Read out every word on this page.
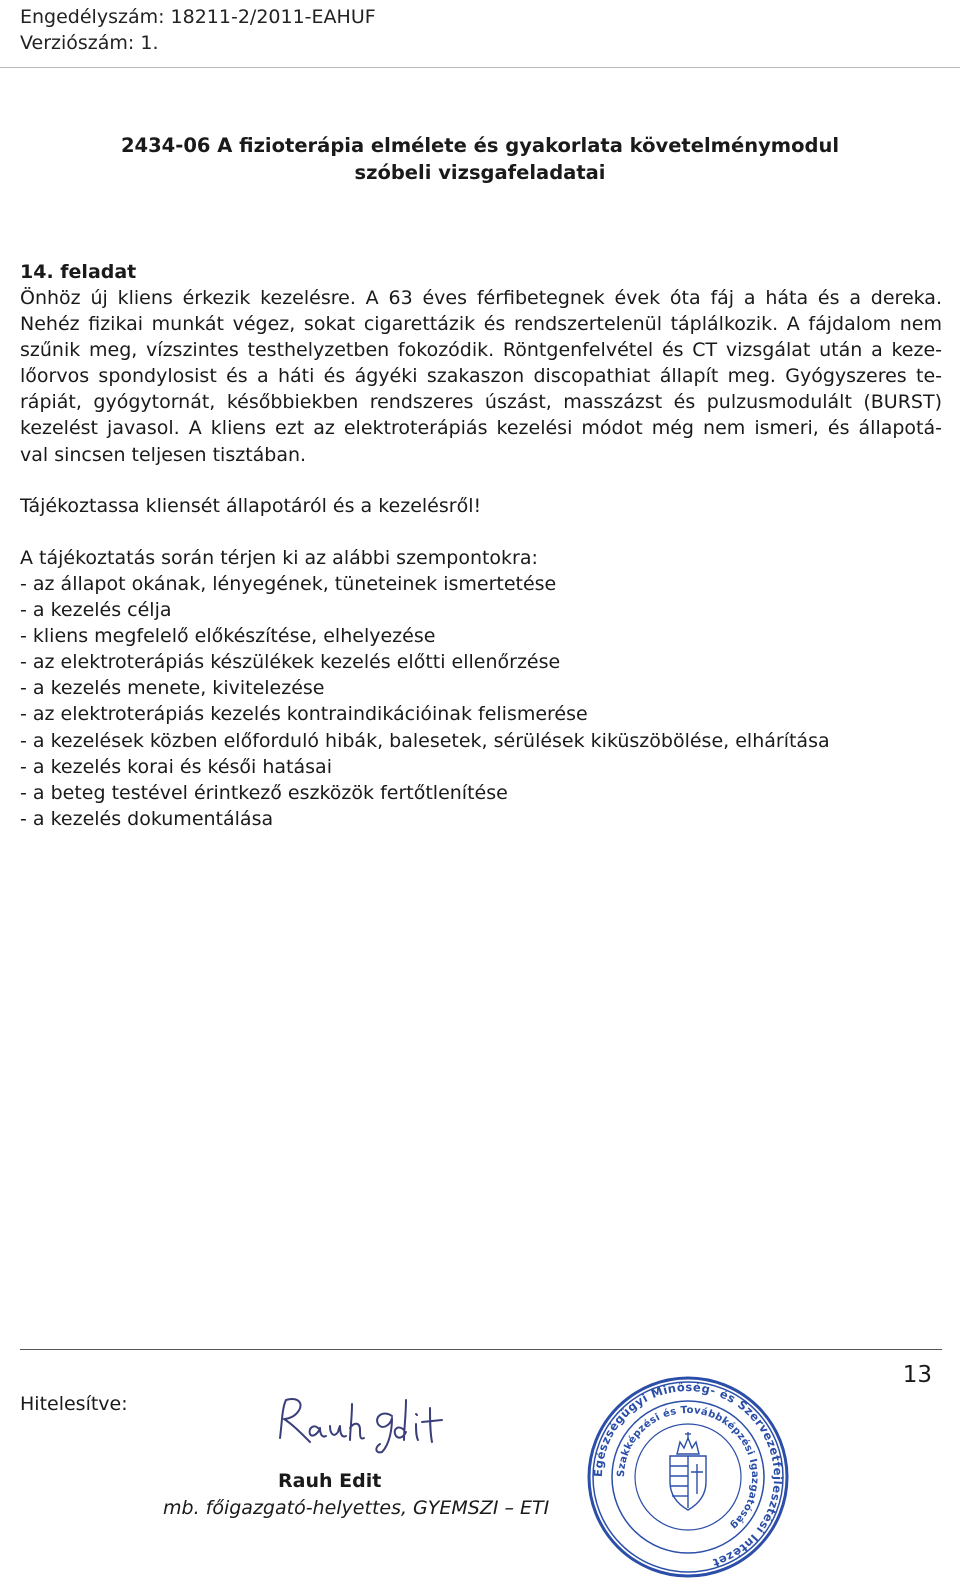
Engedélyszám: 18211-2/2011-EAHUF
Verziószám: 1.
2434-06 A fizioterápia elmélete és gyakorlata követelménymodul
szóbeli vizsgafeladatai
14. feladat
Önhöz új kliens érkezik kezelésre. A 63 éves férfibetegnek évek óta fáj a háta és a dereka.
Nehéz fizikai munkát végez, sokat cigarettázik és rendszertelenül táplálkozik. A fájdalom nem
szűnik meg, vízszintes testhelyzetben fokozódik. Röntgenfelvétel és CT vizsgálat után a keze-
lőorvos spondylosist és a háti és ágyéki szakaszon discopathiat állapít meg. Gyógyszeres te-
rápiát, gyógytornát, későbbiekben rendszeres úszást, masszázst és pulzusmodulált (BURST)
kezelést javasol. A kliens ezt az elektroterápiás kezelési módot még nem ismeri, és állapotá-
val sincsen teljesen tisztában.
Tájékoztassa kliensét állapotáról és a kezelésről!
A tájékoztatás során térjen ki az alábbi szempontokra:
- az állapot okának, lényegének, tüneteinek ismertetése
- a kezelés célja
- kliens megfelelő előkészítése, elhelyezése
- az elektroterápiás készülékek kezelés előtti ellenőrzése
- a kezelés menete, kivitelezése
- az elektroterápiás kezelés kontraindikációinak felismerése
- a kezelések közben előforduló hibák, balesetek, sérülések kiküszöbölése, elhárítása
- a kezelés korai és késői hatásai
- a beteg testével érintkező eszközök fertőtlenítése
- a kezelés dokumentálása
13
Hitelesítve:
Rauh Edit
mb. főigazgató-helyettes, GYEMSZI – ETI
Egészségügyi Minőség- és Szervezetfejlesztési Intézet
Szakképzési és Továbbképzési Igazgatóság
